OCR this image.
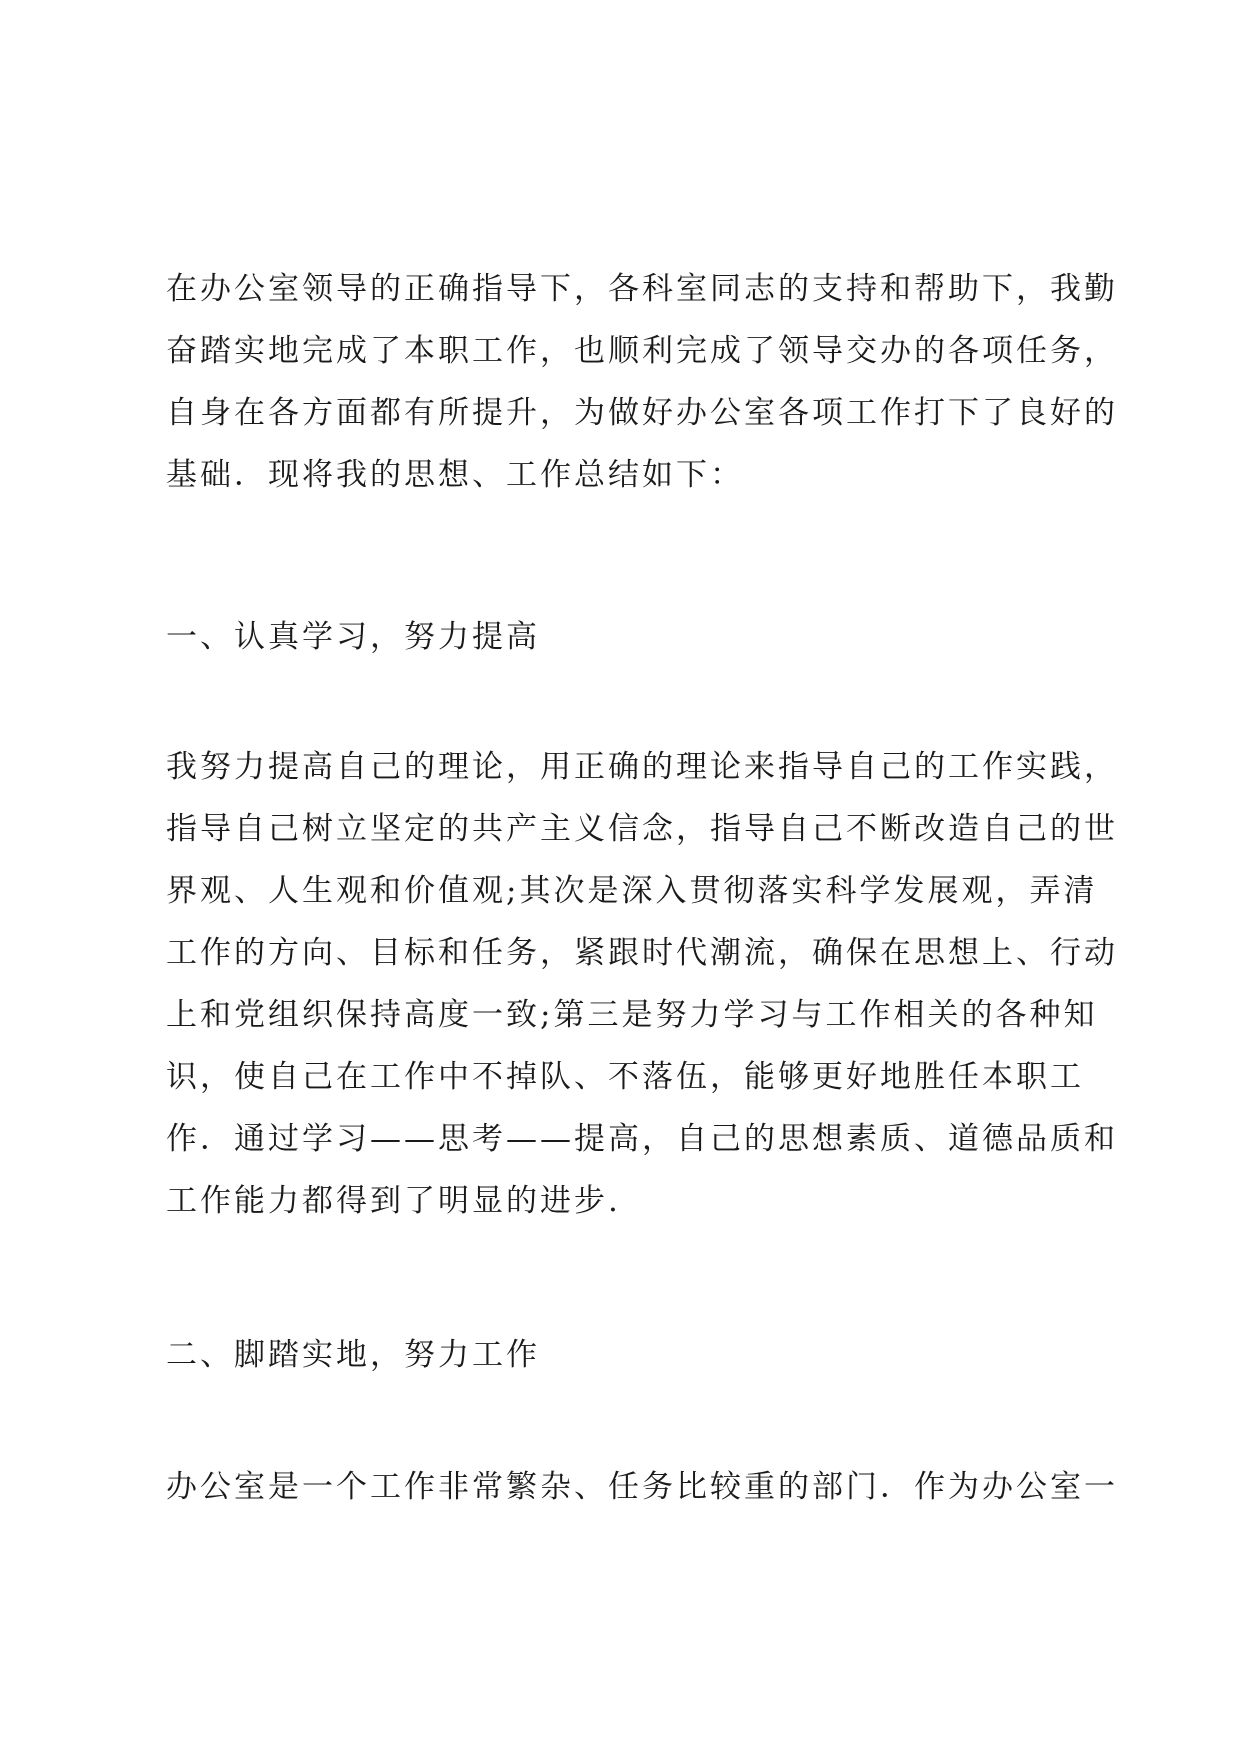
在办公室领导的正确指导下，各科室同志的支持和帮助下，我勤
奋踏实地完成了本职工作，也顺利完成了领导交办的各项任务，
自身在各方面都有所提升，为做好办公室各项工作打下了良好的
基础．现将我的思想、工作总结如下：
一、认真学习，努力提高
我努力提高自己的理论，用正确的理论来指导自己的工作实践，
指导自己树立坚定的共产主义信念，指导自己不断改造自己的世
界观、人生观和价值观;其次是深入贯彻落实科学发展观，弄清
工作的方向、目标和任务，紧跟时代潮流，确保在思想上、行动
上和党组织保持高度一致;第三是努力学习与工作相关的各种知
识，使自己在工作中不掉队、不落伍，能够更好地胜任本职工
作．通过学习——思考——提高，自己的思想素质、道德品质和
工作能力都得到了明显的进步.
二、脚踏实地，努力工作
办公室是一个工作非常繁杂、任务比较重的部门．作为办公室一
